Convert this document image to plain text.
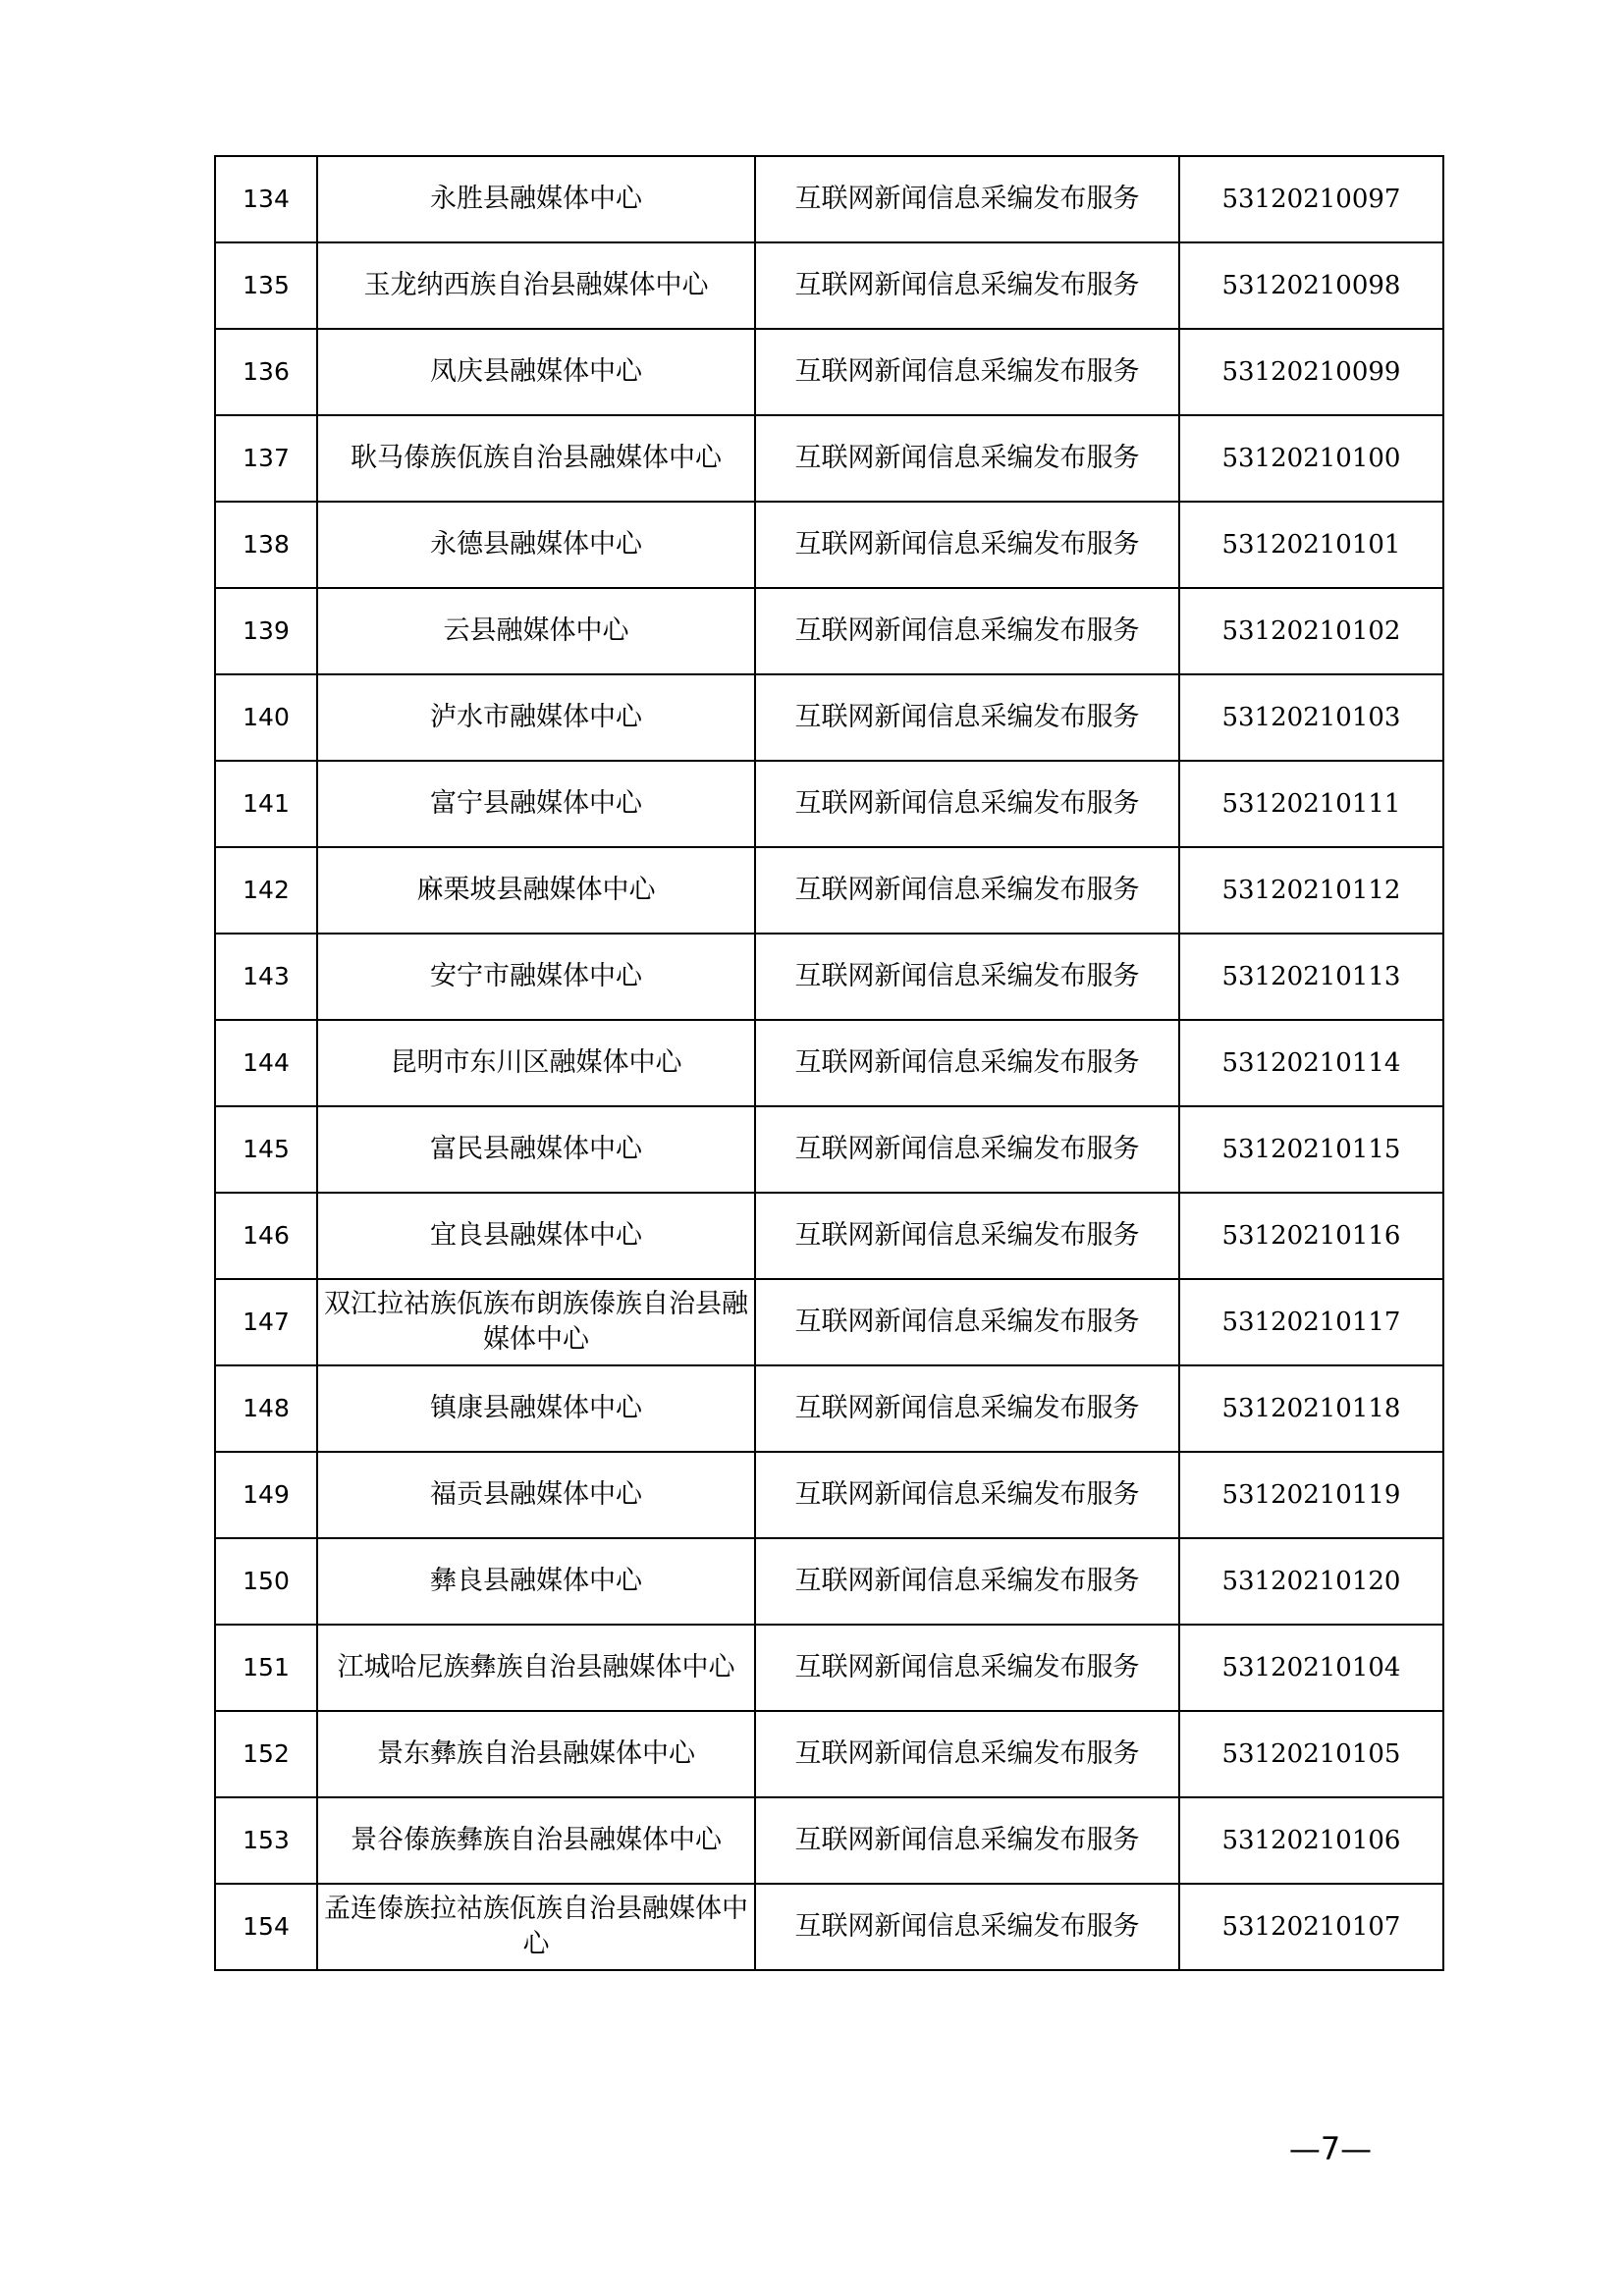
134	永胜县融媒体中心	互联网新闻信息采编发布服务	53120210097
135	玉龙纳西族自治县融媒体中心	互联网新闻信息采编发布服务	53120210098
136	凤庆县融媒体中心	互联网新闻信息采编发布服务	53120210099
137	耿马傣族佤族自治县融媒体中心	互联网新闻信息采编发布服务	53120210100
138	永德县融媒体中心	互联网新闻信息采编发布服务	53120210101
139	云县融媒体中心	互联网新闻信息采编发布服务	53120210102
140	泸水市融媒体中心	互联网新闻信息采编发布服务	53120210103
141	富宁县融媒体中心	互联网新闻信息采编发布服务	53120210111
142	麻栗坡县融媒体中心	互联网新闻信息采编发布服务	53120210112
143	安宁市融媒体中心	互联网新闻信息采编发布服务	53120210113
144	昆明市东川区融媒体中心	互联网新闻信息采编发布服务	53120210114
145	富民县融媒体中心	互联网新闻信息采编发布服务	53120210115
146	宜良县融媒体中心	互联网新闻信息采编发布服务	53120210116
147	双江拉祜族佤族布朗族傣族自治县融媒体中心	互联网新闻信息采编发布服务	53120210117
148	镇康县融媒体中心	互联网新闻信息采编发布服务	53120210118
149	福贡县融媒体中心	互联网新闻信息采编发布服务	53120210119
150	彝良县融媒体中心	互联网新闻信息采编发布服务	53120210120
151	江城哈尼族彝族自治县融媒体中心	互联网新闻信息采编发布服务	53120210104
152	景东彝族自治县融媒体中心	互联网新闻信息采编发布服务	53120210105
153	景谷傣族彝族自治县融媒体中心	互联网新闻信息采编发布服务	53120210106
154	孟连傣族拉祜族佤族自治县融媒体中心	互联网新闻信息采编发布服务	53120210107
—7—
